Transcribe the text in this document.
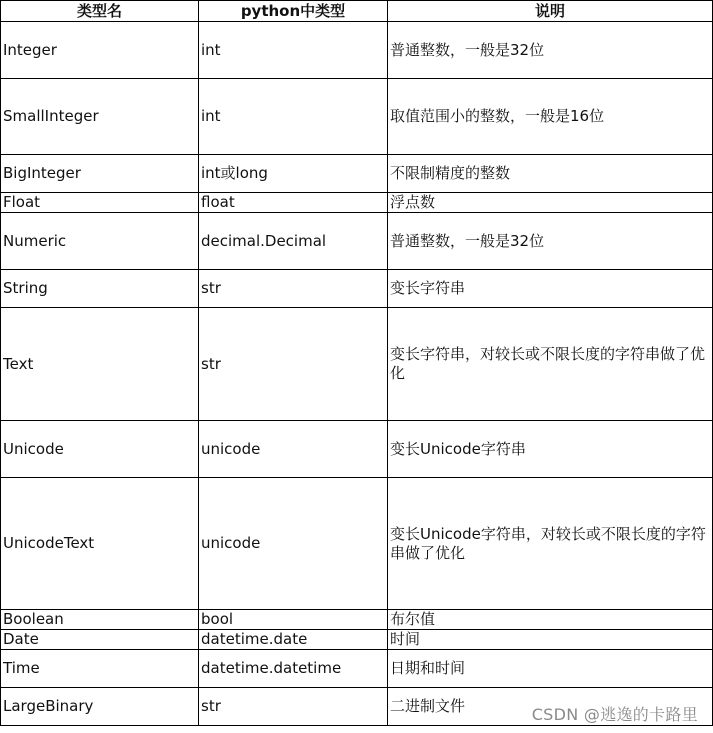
类型名	python中类型	说明
Integer	int	普通整数，一般是32位
SmallInteger	int	取值范围小的整数，一般是16位
BigInteger	int或long	不限制精度的整数
Float	float	浮点数
Numeric	decimal.Decimal	普通整数，一般是32位
String	str	变长字符串
Text	str	变长字符串，对较长或不限长度的字符串做了优化
Unicode	unicode	变长Unicode字符串
UnicodeText	unicode	变长Unicode字符串，对较长或不限长度的字符串做了优化
Boolean	bool	布尔值
Date	datetime.date	时间
Time	datetime.datetime	日期和时间
LargeBinary	str	二进制文件	CSDN @逃逸的卡路里
